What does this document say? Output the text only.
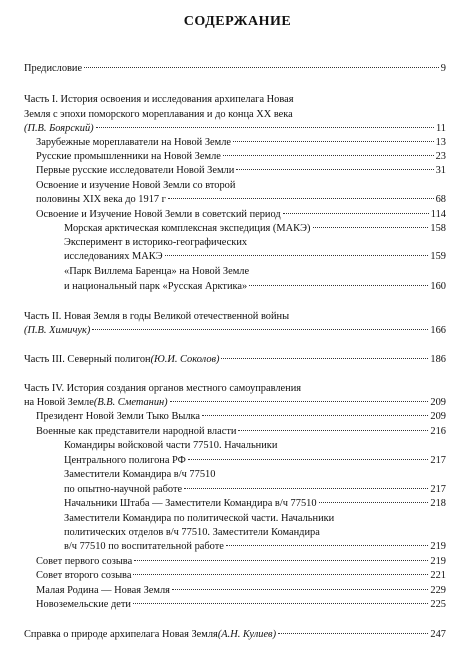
СОДЕРЖАНИЕ
Предисловие	9
Часть I. История освоения и исследования архипелага Новая
Земля с эпохи поморского мореплавания и до конца XX века
(П.В. Боярский)	11
Зарубежные мореплаватели на Новой Земле	13
Русские промышленники на Новой Земле	23
Первые русские исследователи Новой Земли	31
Освоение и изучение Новой Земли со второй
половины XIX века до 1917 г	68
Освоение и Изучение Новой Земли в советский период	114
Морская арктическая комплексная экспедиция (МАКЭ)	158
Эксперимент в историко-географических
исследованиях МАКЭ	159
«Парк Виллема Баренца» на Новой Земле
и национальный парк «Русская Арктика»	160
Часть II. Новая Земля в годы Великой отечественной войны
(П.В. Химичук)	166
Часть III. Северный полигон (Ю.И. Соколов)	186
Часть IV. История создания органов местного самоуправления
на Новой Земле (В.В. Сметанин)	209
Президент Новой Земли Тыко Вылка	209
Военные как представители народной власти	216
Командиры войсковой части 77510. Начальники
Центрального полигона РФ	217
Заместители Командира в/ч 77510
по опытно-научной работе	217
Начальники Штаба — Заместители Командира в/ч 77510	218
Заместители Командира по политической части. Начальники
политических отделов в/ч 77510. Заместители Командира
в/ч 77510 по воспитательной работе	219
Совет первого созыва	219
Совет второго созыва	221
Малая Родина — Новая Земля	229
Новоземельские дети	225
Справка о природе архипелага Новая Земля (А.Н. Кулиев)	247
